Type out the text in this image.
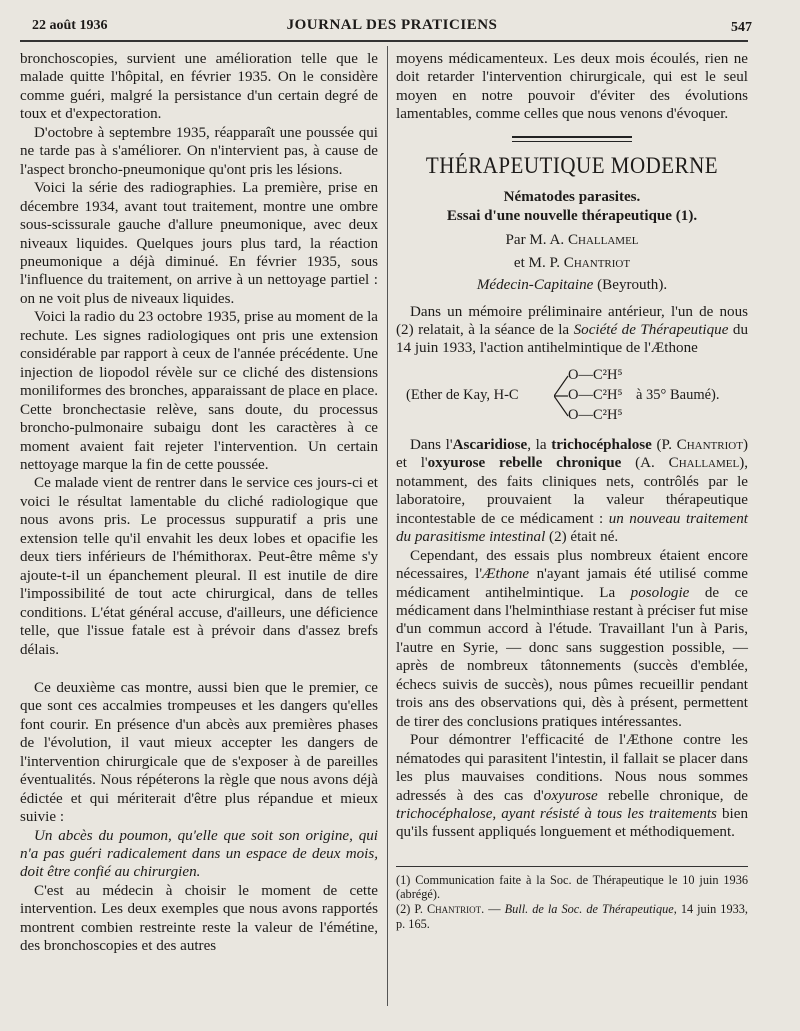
22 août 1936	JOURNAL DES PRATICIENS	547

bronchoscopies, survient une amélioration telle que le malade quitte l'hôpital, en février 1935. On le considère comme guéri, malgré la persistance d'un certain degré de toux et d'expectoration.

D'octobre à septembre 1935, réapparaît une poussée qui ne tarde pas à s'améliorer. On n'intervient pas, à cause de l'aspect broncho-pneumonique qu'ont pris les lésions.

Voici la série des radiographies. La première, prise en décembre 1934, avant tout traitement, montre une ombre sous-scissurale gauche d'allure pneumonique, avec deux niveaux liquides. Quelques jours plus tard, la réaction pneumonique a déjà diminué. En février 1935, sous l'influence du traitement, on arrive à un nettoyage partiel : on ne voit plus de niveaux liquides.

Voici la radio du 23 octobre 1935, prise au moment de la rechute. Les signes radiologiques ont pris une extension considérable par rapport à ceux de l'année précédente. Une injection de liopodol révèle sur ce cliché des distensions moniliformes des bronches, apparaissant de place en place. Cette bronchectasie relève, sans doute, du processus broncho-pulmonaire subaigu dont les caractères à ce moment avaient fait rejeter l'intervention. Un certain nettoyage marque la fin de cette poussée.

Ce malade vient de rentrer dans le service ces jours-ci et voici le résultat lamentable du cliché radiologique que nous avons pris. Le processus suppuratif a pris une extension telle qu'il envahit les deux lobes et opacifie les deux tiers inférieurs de l'hémithorax. Peut-être même s'y ajoute-t-il un épanchement pleural. Il est inutile de dire l'impossibilité de tout acte chirurgical, dans de telles conditions. L'état général accuse, d'ailleurs, une déficience telle, que l'issue fatale est à prévoir dans d'assez brefs délais.

Ce deuxième cas montre, aussi bien que le premier, ce que sont ces accalmies trompeuses et les dangers qu'elles font courir. En présence d'un abcès aux premières phases de l'évolution, il vaut mieux accepter les dangers de l'intervention chirurgicale que de s'exposer à de pareilles éventualités. Nous répéterons la règle que nous avons déjà édictée et qui mériterait d'être plus répandue et mieux suivie :

Un abcès du poumon, qu'elle que soit son origine, qui n'a pas guéri radicalement dans un espace de deux mois, doit être confié au chirurgien.

C'est au médecin à choisir le moment de cette intervention. Les deux exemples que nous avons rapportés montrent combien restreinte reste la valeur de l'émétine, des bronchoscopies et des autres

moyens médicamenteux. Les deux mois écoulés, rien ne doit retarder l'intervention chirurgicale, qui est le seul moyen en notre pouvoir d'éviter des évolutions lamentables, comme celles que nous venons d'évoquer.

THÉRAPEUTIQUE MODERNE

Nématodes parasites.

Essai d'une nouvelle thérapeutique (1).

Par M. A. Challamel

et M. P. Chantriot

Médecin-Capitaine (Beyrouth).

Dans un mémoire préliminaire antérieur, l'un de nous (2) relatait, à la séance de la Société de Thérapeutique du 14 juin 1933, l'action antihelmintique de l'Æthone

(Ether de Kay, H-C
O—C²H⁵
O—C²H⁵
O—C²H⁵
à 35° Baumé).

Dans l'Ascaridiose, la trichocéphalose (P. Chantriot) et l'oxyurose rebelle chronique (A. Challamel), notamment, des faits cliniques nets, contrôlés par le laboratoire, prouvaient la valeur thérapeutique incontestable de ce médicament : un nouveau traitement du parasitisme intestinal (2) était né.

Cependant, des essais plus nombreux étaient encore nécessaires, l'Æthone n'ayant jamais été utilisé comme médicament antihelmintique. La posologie de ce médicament dans l'helminthiase restant à préciser fut mise d'un commun accord à l'étude. Travaillant l'un à Paris, l'autre en Syrie, — donc sans suggestion possible, — après de nombreux tâtonnements (succès d'emblée, échecs suivis de succès), nous pûmes recueillir pendant trois ans des observations qui, dès à présent, permettent de tirer des conclusions pratiques intéressantes.

Pour démontrer l'efficacité de l'Æthone contre les nématodes qui parasitent l'intestin, il fallait se placer dans les plus mauvaises conditions. Nous nous sommes adressés à des cas d'oxyurose rebelle chronique, de trichocéphalose, ayant résisté à tous les traitements bien qu'ils fussent appliqués longuement et méthodiquement.

(1) Communication faite à la Soc. de Thérapeutique le 10 juin 1936 (abrégé).

(2) P. Chantriot. — Bull. de la Soc. de Thérapeutique, 14 juin 1933, p. 165.
